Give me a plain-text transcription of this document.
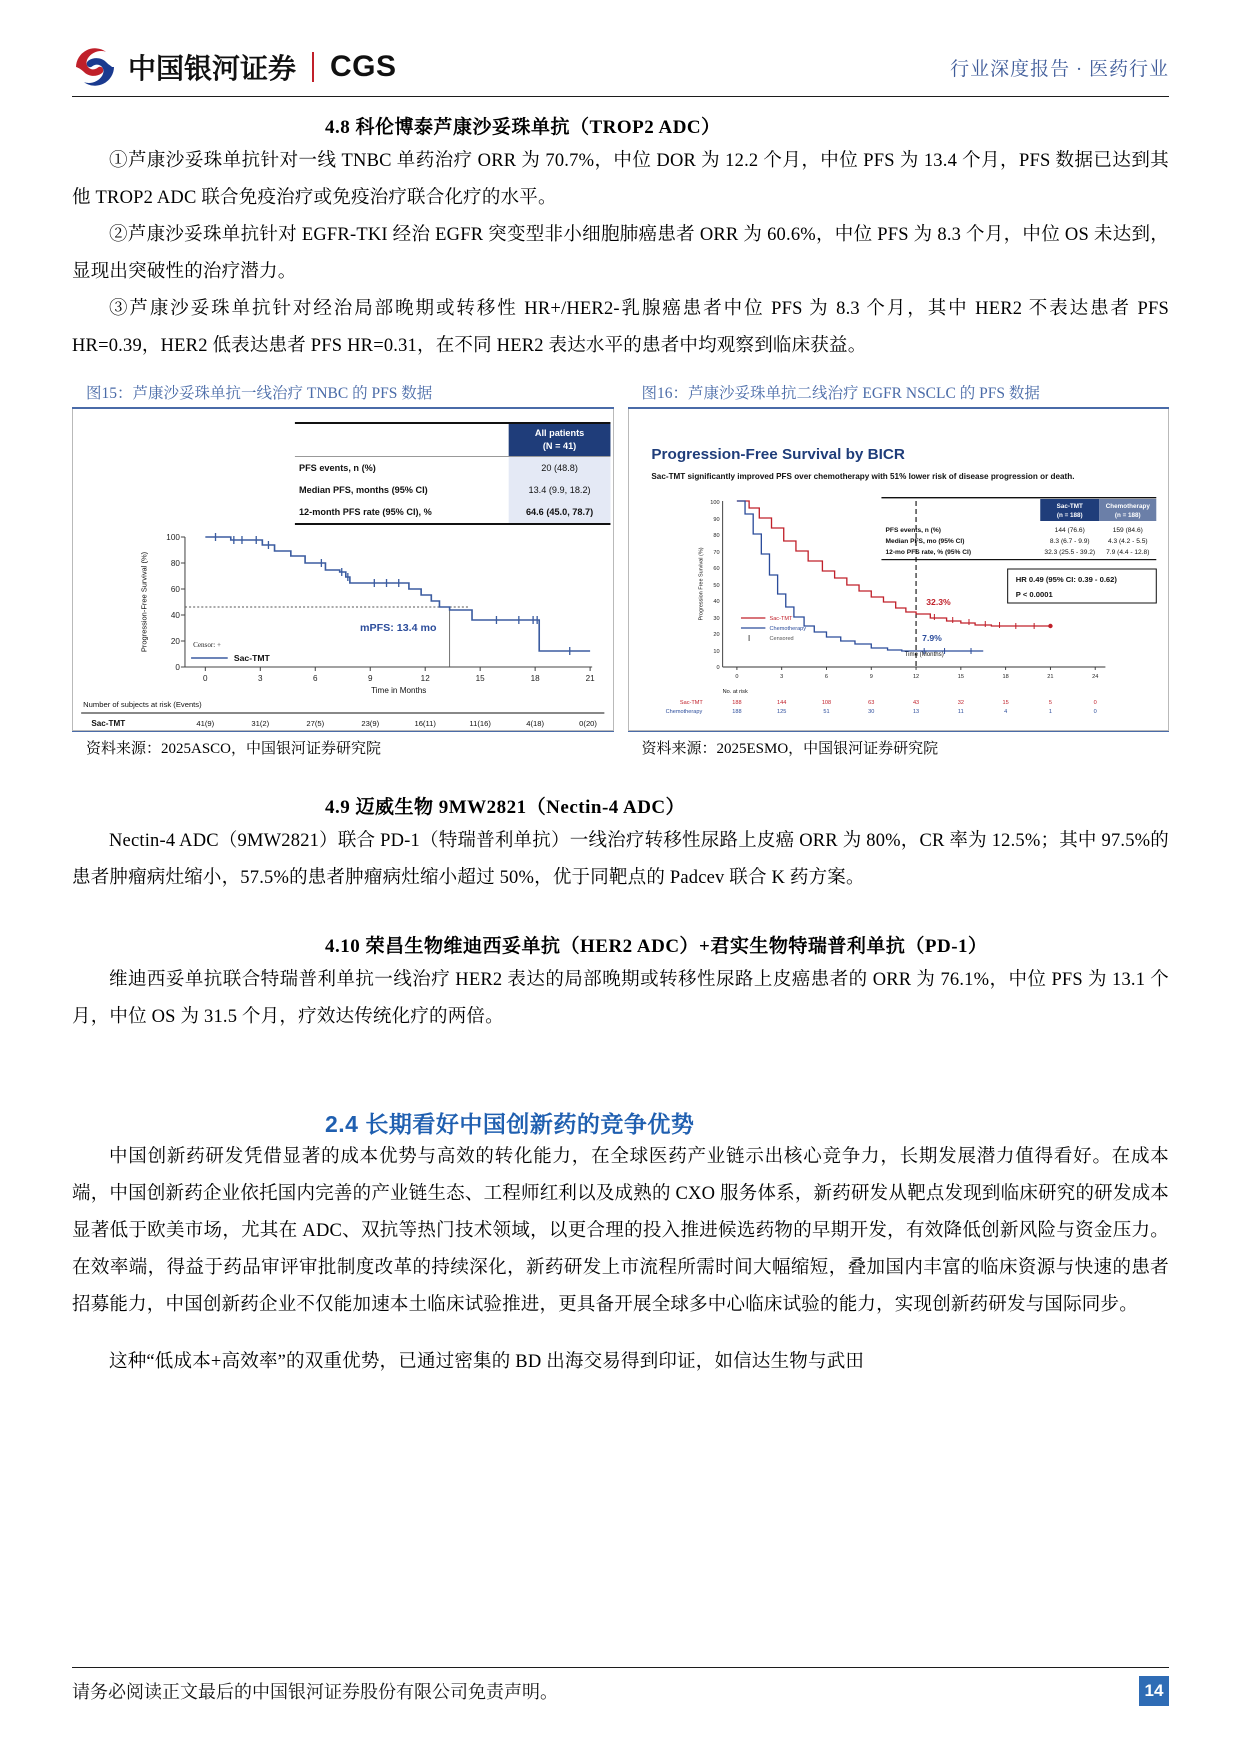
中国银河证券 CGS	行业深度报告 · 医药行业
4.8 科伦博泰芦康沙妥珠单抗（TROP2 ADC）

①芦康沙妥珠单抗针对一线 TNBC 单药治疗 ORR 为 70.7%，中位 DOR 为 12.2 个月，中位 PFS 为 13.4 个月，PFS 数据已达到其他 TROP2 ADC 联合免疫治疗或免疫治疗联合化疗的水平。

②芦康沙妥珠单抗针对 EGFR-TKI 经治 EGFR 突变型非小细胞肺癌患者 ORR 为 60.6%，中位 PFS 为 8.3 个月，中位 OS 未达到，显现出突破性的治疗潜力。

③芦康沙妥珠单抗针对经治局部晚期或转移性 HR+/HER2-乳腺癌患者中位 PFS 为 8.3 个月，其中 HER2 不表达患者 PFS HR=0.39，HER2 低表达患者 PFS HR=0.31，在不同 HER2 表达水平的患者中均观察到临床获益。

图15：芦康沙妥珠单抗一线治疗 TNBC 的 PFS 数据
All patients
(N = 41)
PFS events, n (%)	20 (48.8)
Median PFS, months (95% CI)	13.4 (9.9, 18.2)
12-month PFS rate (95% CI), %	64.6 (45.0, 78.7)
100
80
60
40
20
0
0	3	6	9	12	15	18	21
Time in Months
Progression-Free Survival (%)	mPFS: 13.4 mo
Censor: +
Sac-TMT
Number of subjects at risk (Events)
Sac-TMT	41(9)	31(2)	27(5)	23(9)	16(11)	11(16)	4(18)	0(20)
资料来源：2025ASCO，中国银河证券研究院
图16：芦康沙妥珠单抗二线治疗 EGFR NSCLC 的 PFS 数据
Progression-Free Survival by BICR
Sac-TMT significantly improved PFS over chemotherapy with 51% lower risk of disease progression or death.
Sac-TMT
(n = 188)
Chemotherapy
(n = 188)
PFS events, n (%)	144 (76.6)	159 (84.6)
Median PFS, mo (95% CI)	8.3 (6.7 - 9.9)	4.3 (4.2 - 5.5)
12-mo PFS rate, % (95% CI)	32.3 (25.5 - 39.2) 7.9 (4.4 - 12.8)
HR 0.49 (95% CI: 0.39 - 0.62)
P < 0.0001
100
90
80
70
60
50
40
30
20
10
0
0	3	6	9	12	15	18	21	24
Time (Months)
Progression Free Survival (%)	32.3%
7.9%
Sac-TMT
Chemotherapy
Censored
No. at risk
Sac-TMT
Chemotherapy
188	144	108	63	43	32	15	5	0
188	125	51	30	13	11	4	1	0
资料来源：2025ESMO，中国银河证券研究院
4.9 迈威生物 9MW2821（Nectin-4 ADC）

Nectin-4 ADC（9MW2821）联合 PD-1（特瑞普利单抗）一线治疗转移性尿路上皮癌 ORR 为 80%，CR 率为 12.5%；其中 97.5%的患者肿瘤病灶缩小，57.5%的患者肿瘤病灶缩小超过 50%，优于同靶点的 Padcev 联合 K 药方案。

4.10 荣昌生物维迪西妥单抗（HER2 ADC）+君实生物特瑞普利单抗（PD-1）

维迪西妥单抗联合特瑞普利单抗一线治疗 HER2 表达的局部晚期或转移性尿路上皮癌患者的 ORR 为 76.1%，中位 PFS 为 13.1 个月，中位 OS 为 31.5 个月，疗效达传统化疗的两倍。

2.4 长期看好中国创新药的竞争优势

中国创新药研发凭借显著的成本优势与高效的转化能力，在全球医药产业链示出核心竞争力，长期发展潜力值得看好。在成本端，中国创新药企业依托国内完善的产业链生态、工程师红利以及成熟的 CXO 服务体系，新药研发从靶点发现到临床研究的研发成本显著低于欧美市场，尤其在 ADC、双抗等热门技术领域，以更合理的投入推进候选药物的早期开发，有效降低创新风险与资金压力。在效率端，得益于药品审评审批制度改革的持续深化，新药研发上市流程所需时间大幅缩短，叠加国内丰富的临床资源与快速的患者招募能力，中国创新药企业不仅能加速本土临床试验推进，更具备开展全球多中心临床试验的能力，实现创新药研发与国际同步。

这种“低成本+高效率”的双重优势，已通过密集的 BD 出海交易得到印证，如信达生物与武田

请务必阅读正文最后的中国银河证券股份有限公司免责声明。	14
